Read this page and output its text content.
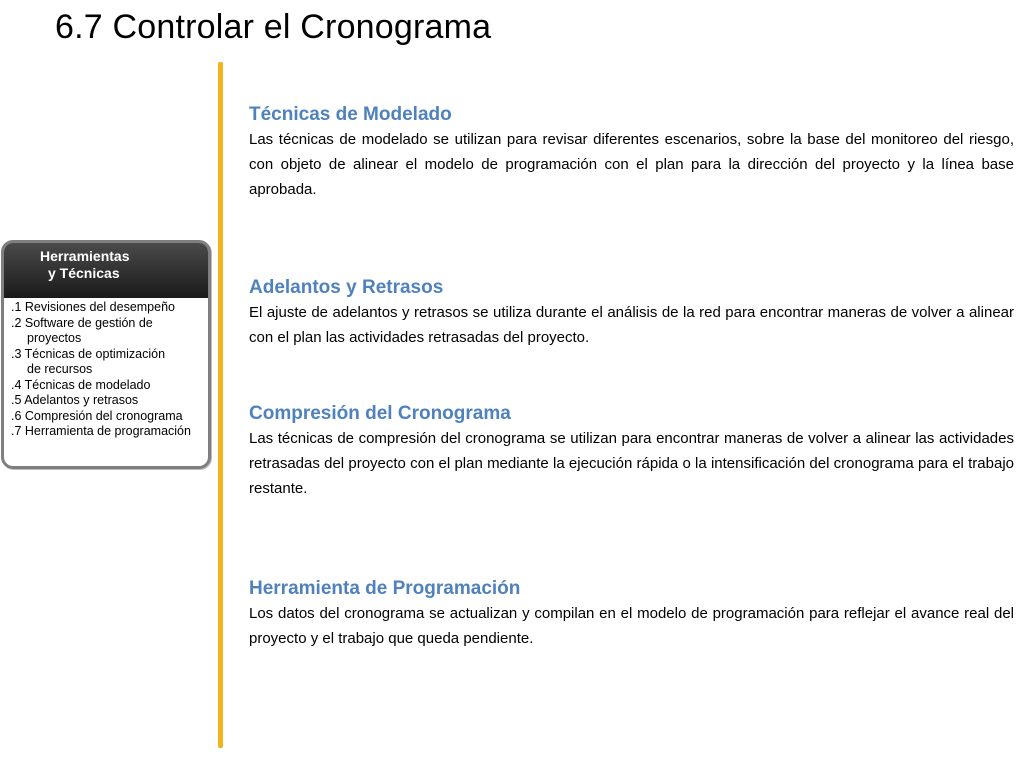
6.7 Controlar el Cronograma
Herramientas
y Técnicas
.1 Revisiones del desempeño
.2 Software de gestión de
proyectos
.3 Técnicas de optimización
de recursos
.4 Técnicas de modelado
.5 Adelantos y retrasos
.6 Compresión del cronograma
.7 Herramienta de programación
Técnicas de Modelado

Las técnicas de modelado se utilizan para revisar diferentes escenarios, sobre la base del monitoreo del riesgo, con objeto de alinear el modelo de programación con el plan para la dirección del proyecto y la línea base aprobada.

Adelantos y Retrasos

El ajuste de adelantos y retrasos se utiliza durante el análisis de la red para encontrar maneras de volver a alinear con el plan las actividades retrasadas del proyecto.

Compresión del Cronograma

Las técnicas de compresión del cronograma se utilizan para encontrar maneras de volver a alinear las actividades retrasadas del proyecto con el plan mediante la ejecución rápida o la intensificación del cronograma para el trabajo restante.

Herramienta de Programación

Los datos del cronograma se actualizan y compilan en el modelo de programación para reflejar el avance real del proyecto y el trabajo que queda pendiente.
